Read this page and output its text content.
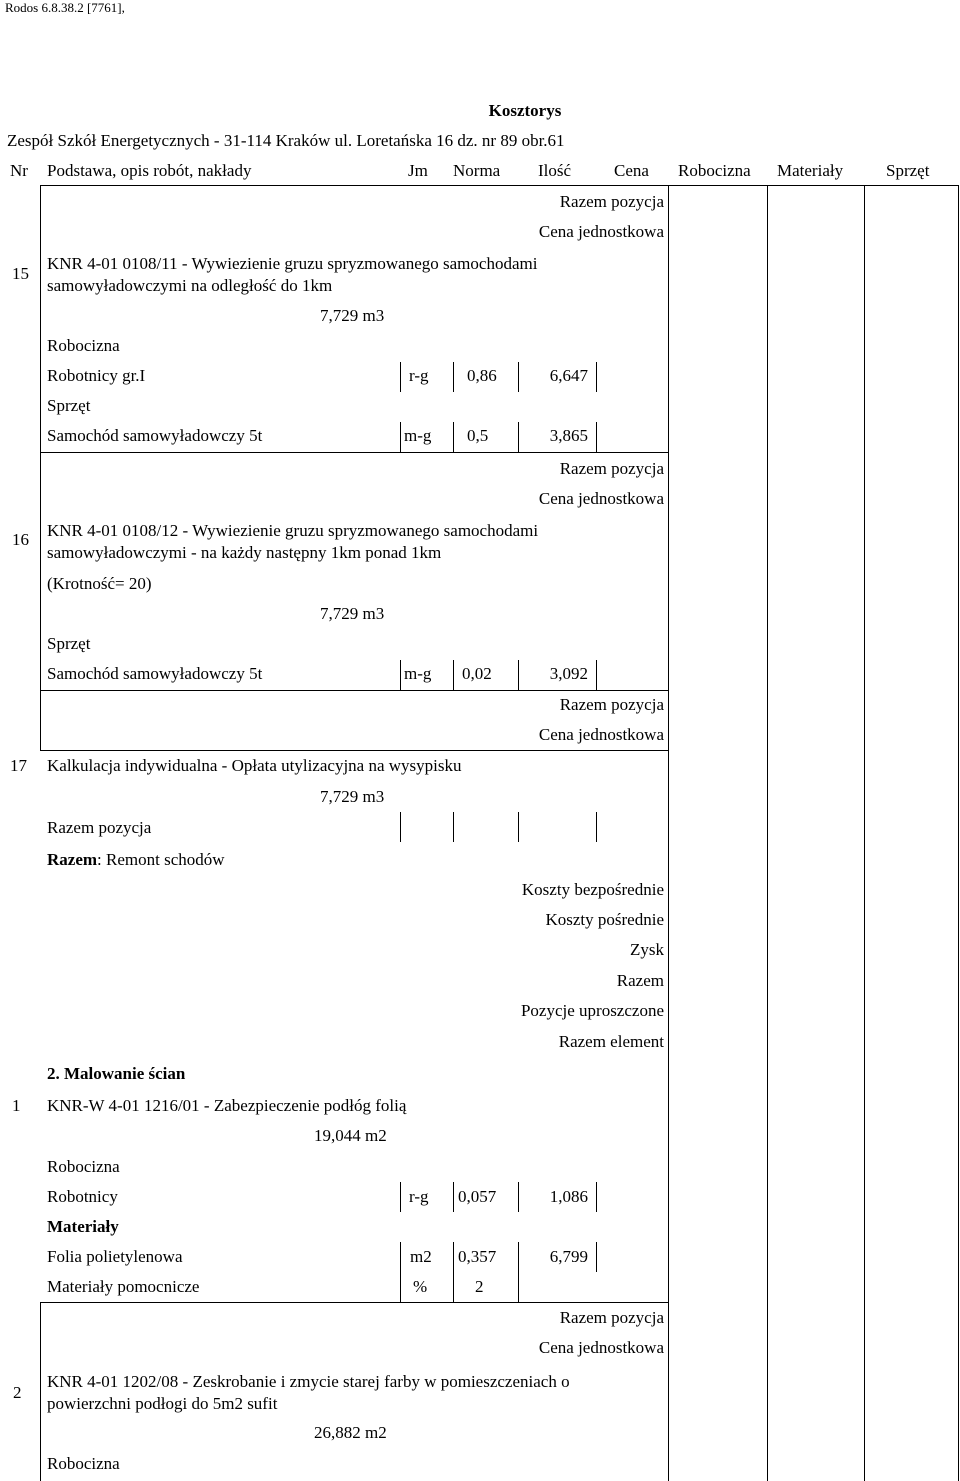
Rodos 6.8.38.2 [7761],
Kosztorys
Zespół Szkół Energetycznych - 31-114 Kraków ul. Loretańska 16 dz. nr 89 obr.61
Nr Podstawa, opis robót, nakłady	Jm Norma Ilość	Cena Robocizna Materiały	Sprzęt
Razem pozycja
Cena jednostkowa
15
KNR 4-01 0108/11 - Wywiezienie gruzu spryzmowanego samochodami
samowyładowczymi na odległość do 1km
7,729 m3
Robocizna
Robotnicy gr.I	r-g 0,86	6,647
Sprzęt
Samochód samowyładowczy 5t	m-g 0,5	3,865
Razem pozycja
Cena jednostkowa
16 KNR 4-01 0108/12 - Wywiezienie gruzu spryzmowanego samochodami
samowyładowczymi - na każdy następny 1km ponad 1km
(Krotność= 20)
7,729 m3
Sprzęt
Samochód samowyładowczy 5t	m-g 0,02	3,092
Razem pozycja
Cena jednostkowa
17 Kalkulacja indywidualna - Opłata utylizacyjna na wysypisku
7,729 m3
Razem pozycja
Razem: Remont schodów
Koszty bezpośrednie
Koszty pośrednie
Zysk
Razem
Pozycje uproszczone
Razem element
2. Malowanie ścian
1 KNR-W 4-01 1216/01 - Zabezpieczenie podłóg folią
19,044 m2
Robocizna
Robotnicy	r-g 0,057	1,086
Materiały
Folia polietylenowa	m2 0,357	6,799
Materiały pomocnicze	%	2
Razem pozycja
Cena jednostkowa
2
KNR 4-01 1202/08 - Zeskrobanie i zmycie starej farby w pomieszczeniach o
powierzchni podłogi do 5m2 sufit
26,882 m2
Robocizna
